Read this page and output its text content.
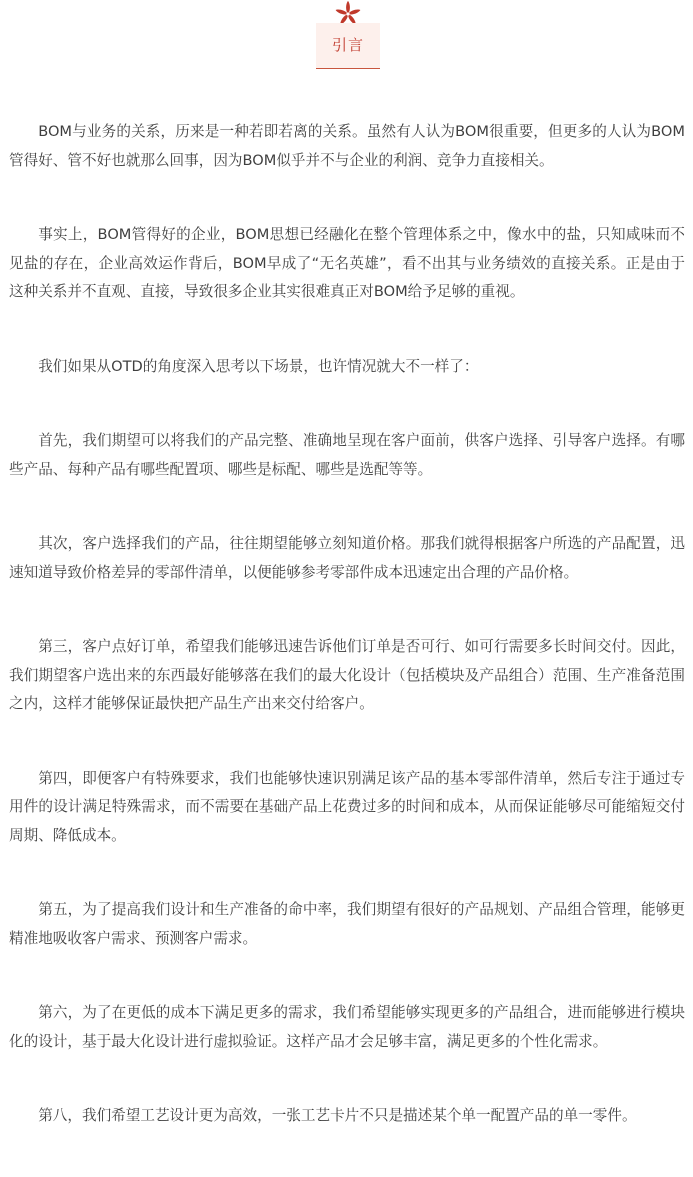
引言

BOM与业务的关系，历来是一种若即若离的关系。虽然有人认为BOM很重要，但更多的人认为BOM管得好、管不好也就那么回事，因为BOM似乎并不与企业的利润、竞争力直接相关。

事实上，BOM管得好的企业，BOM思想已经融化在整个管理体系之中，像水中的盐，只知咸味而不见盐的存在，企业高效运作背后，BOM早成了“无名英雄”，看不出其与业务绩效的直接关系。正是由于这种关系并不直观、直接，导致很多企业其实很难真正对BOM给予足够的重视。

我们如果从OTD的角度深入思考以下场景，也许情况就大不一样了：

首先，我们期望可以将我们的产品完整、准确地呈现在客户面前，供客户选择、引导客户选择。有哪些产品、每种产品有哪些配置项、哪些是标配、哪些是选配等等。

其次，客户选择我们的产品，往往期望能够立刻知道价格。那我们就得根据客户所选的产品配置，迅速知道导致价格差异的零部件清单，以便能够参考零部件成本迅速定出合理的产品价格。

第三，客户点好订单，希望我们能够迅速告诉他们订单是否可行、如可行需要多长时间交付。因此，我们期望客户选出来的东西最好能够落在我们的最大化设计（包括模块及产品组合）范围、生产准备范围之内，这样才能够保证最快把产品生产出来交付给客户。

第四，即便客户有特殊要求，我们也能够快速识别满足该产品的基本零部件清单，然后专注于通过专用件的设计满足特殊需求，而不需要在基础产品上花费过多的时间和成本，从而保证能够尽可能缩短交付周期、降低成本。

第五，为了提高我们设计和生产准备的命中率，我们期望有很好的产品规划、产品组合管理，能够更精准地吸收客户需求、预测客户需求。

第六，为了在更低的成本下满足更多的需求，我们希望能够实现更多的产品组合，进而能够进行模块化的设计，基于最大化设计进行虚拟验证。这样产品才会足够丰富，满足更多的个性化需求。

第八，我们希望工艺设计更为高效，一张工艺卡片不只是描述某个单一配置产品的单一零件。
